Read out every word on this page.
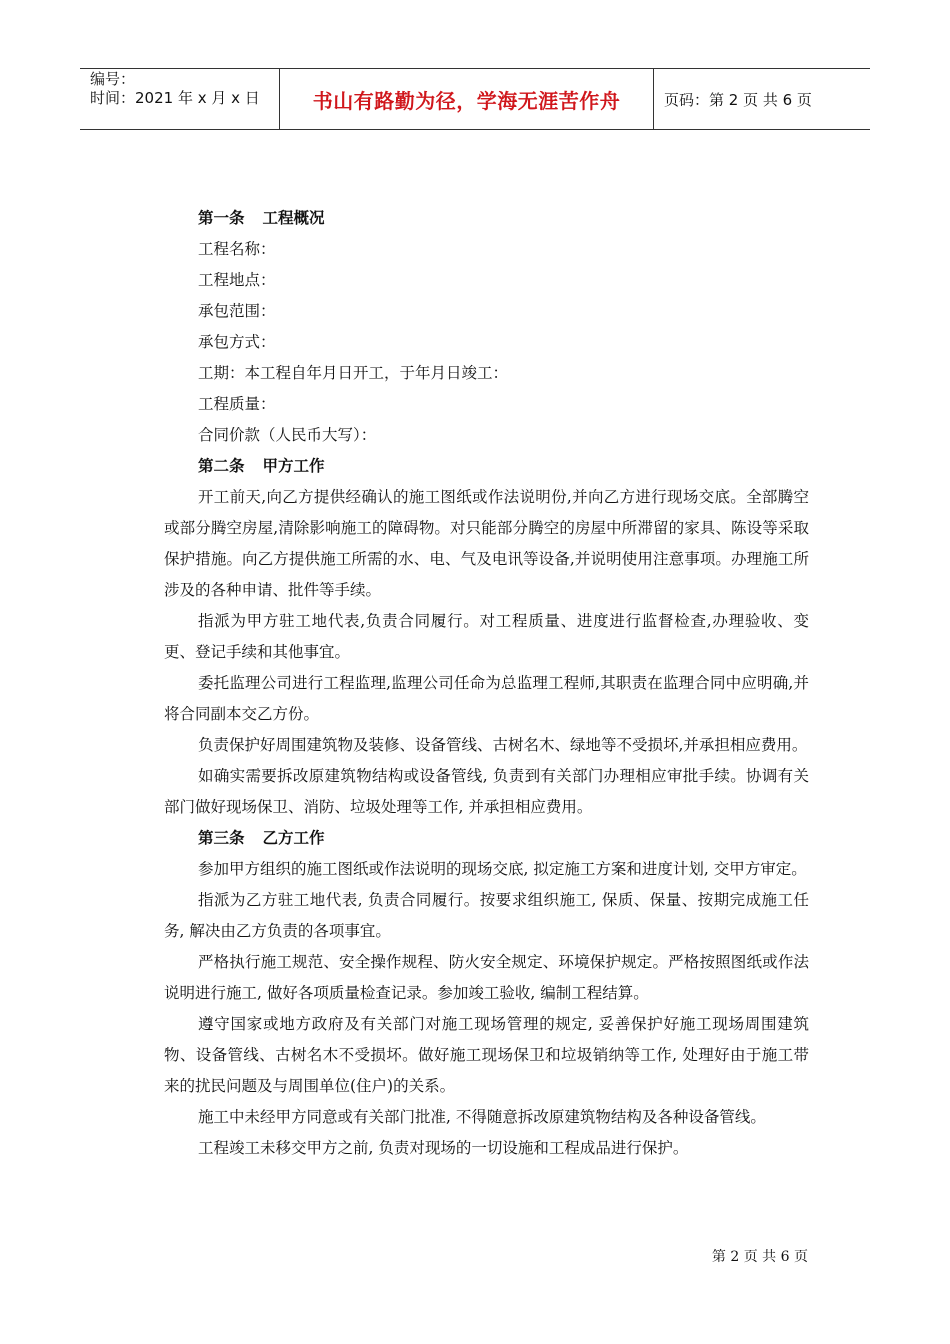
编号：
时间：2021 年 x 月 x 日	书山有路勤为径，学海无涯苦作舟	页码：第 2 页 共 6 页
第一条 工程概况
工程名称：
工程地点：
承包范围：
承包方式：
工期：本工程自年月日开工，于年月日竣工：
工程质量：
合同价款（人民币大写）：
第二条 甲方工作
开工前天,向乙方提供经确认的施工图纸或作法说明份,并向乙方进行现场交底。全部腾空或部分腾空房屋,清除影响施工的障碍物。对只能部分腾空的房屋中所滞留的家具、陈设等采取保护措施。向乙方提供施工所需的水、电、气及电讯等设备,并说明使用注意事项。办理施工所涉及的各种申请、批件等手续。
指派为甲方驻工地代表,负责合同履行。对工程质量、进度进行监督检查,办理验收、变更、登记手续和其他事宜。
委托监理公司进行工程监理,监理公司任命为总监理工程师,其职责在监理合同中应明确,并将合同副本交乙方份。
负责保护好周围建筑物及装修、设备管线、古树名木、绿地等不受损坏,并承担相应费用。
如确实需要拆改原建筑物结构或设备管线, 负责到有关部门办理相应审批手续。协调有关部门做好现场保卫、消防、垃圾处理等工作, 并承担相应费用。
第三条 乙方工作
参加甲方组织的施工图纸或作法说明的现场交底, 拟定施工方案和进度计划, 交甲方审定。
指派为乙方驻工地代表, 负责合同履行。按要求组织施工, 保质、保量、按期完成施工任务, 解决由乙方负责的各项事宜。
严格执行施工规范、安全操作规程、防火安全规定、环境保护规定。严格按照图纸或作法说明进行施工, 做好各项质量检查记录。参加竣工验收, 编制工程结算。
遵守国家或地方政府及有关部门对施工现场管理的规定, 妥善保护好施工现场周围建筑物、设备管线、古树名木不受损坏。做好施工现场保卫和垃圾销纳等工作, 处理好由于施工带来的扰民问题及与周围单位(住户)的关系。
施工中未经甲方同意或有关部门批准, 不得随意拆改原建筑物结构及各种设备管线。
工程竣工未移交甲方之前, 负责对现场的一切设施和工程成品进行保护。
第 2 页 共 6 页
